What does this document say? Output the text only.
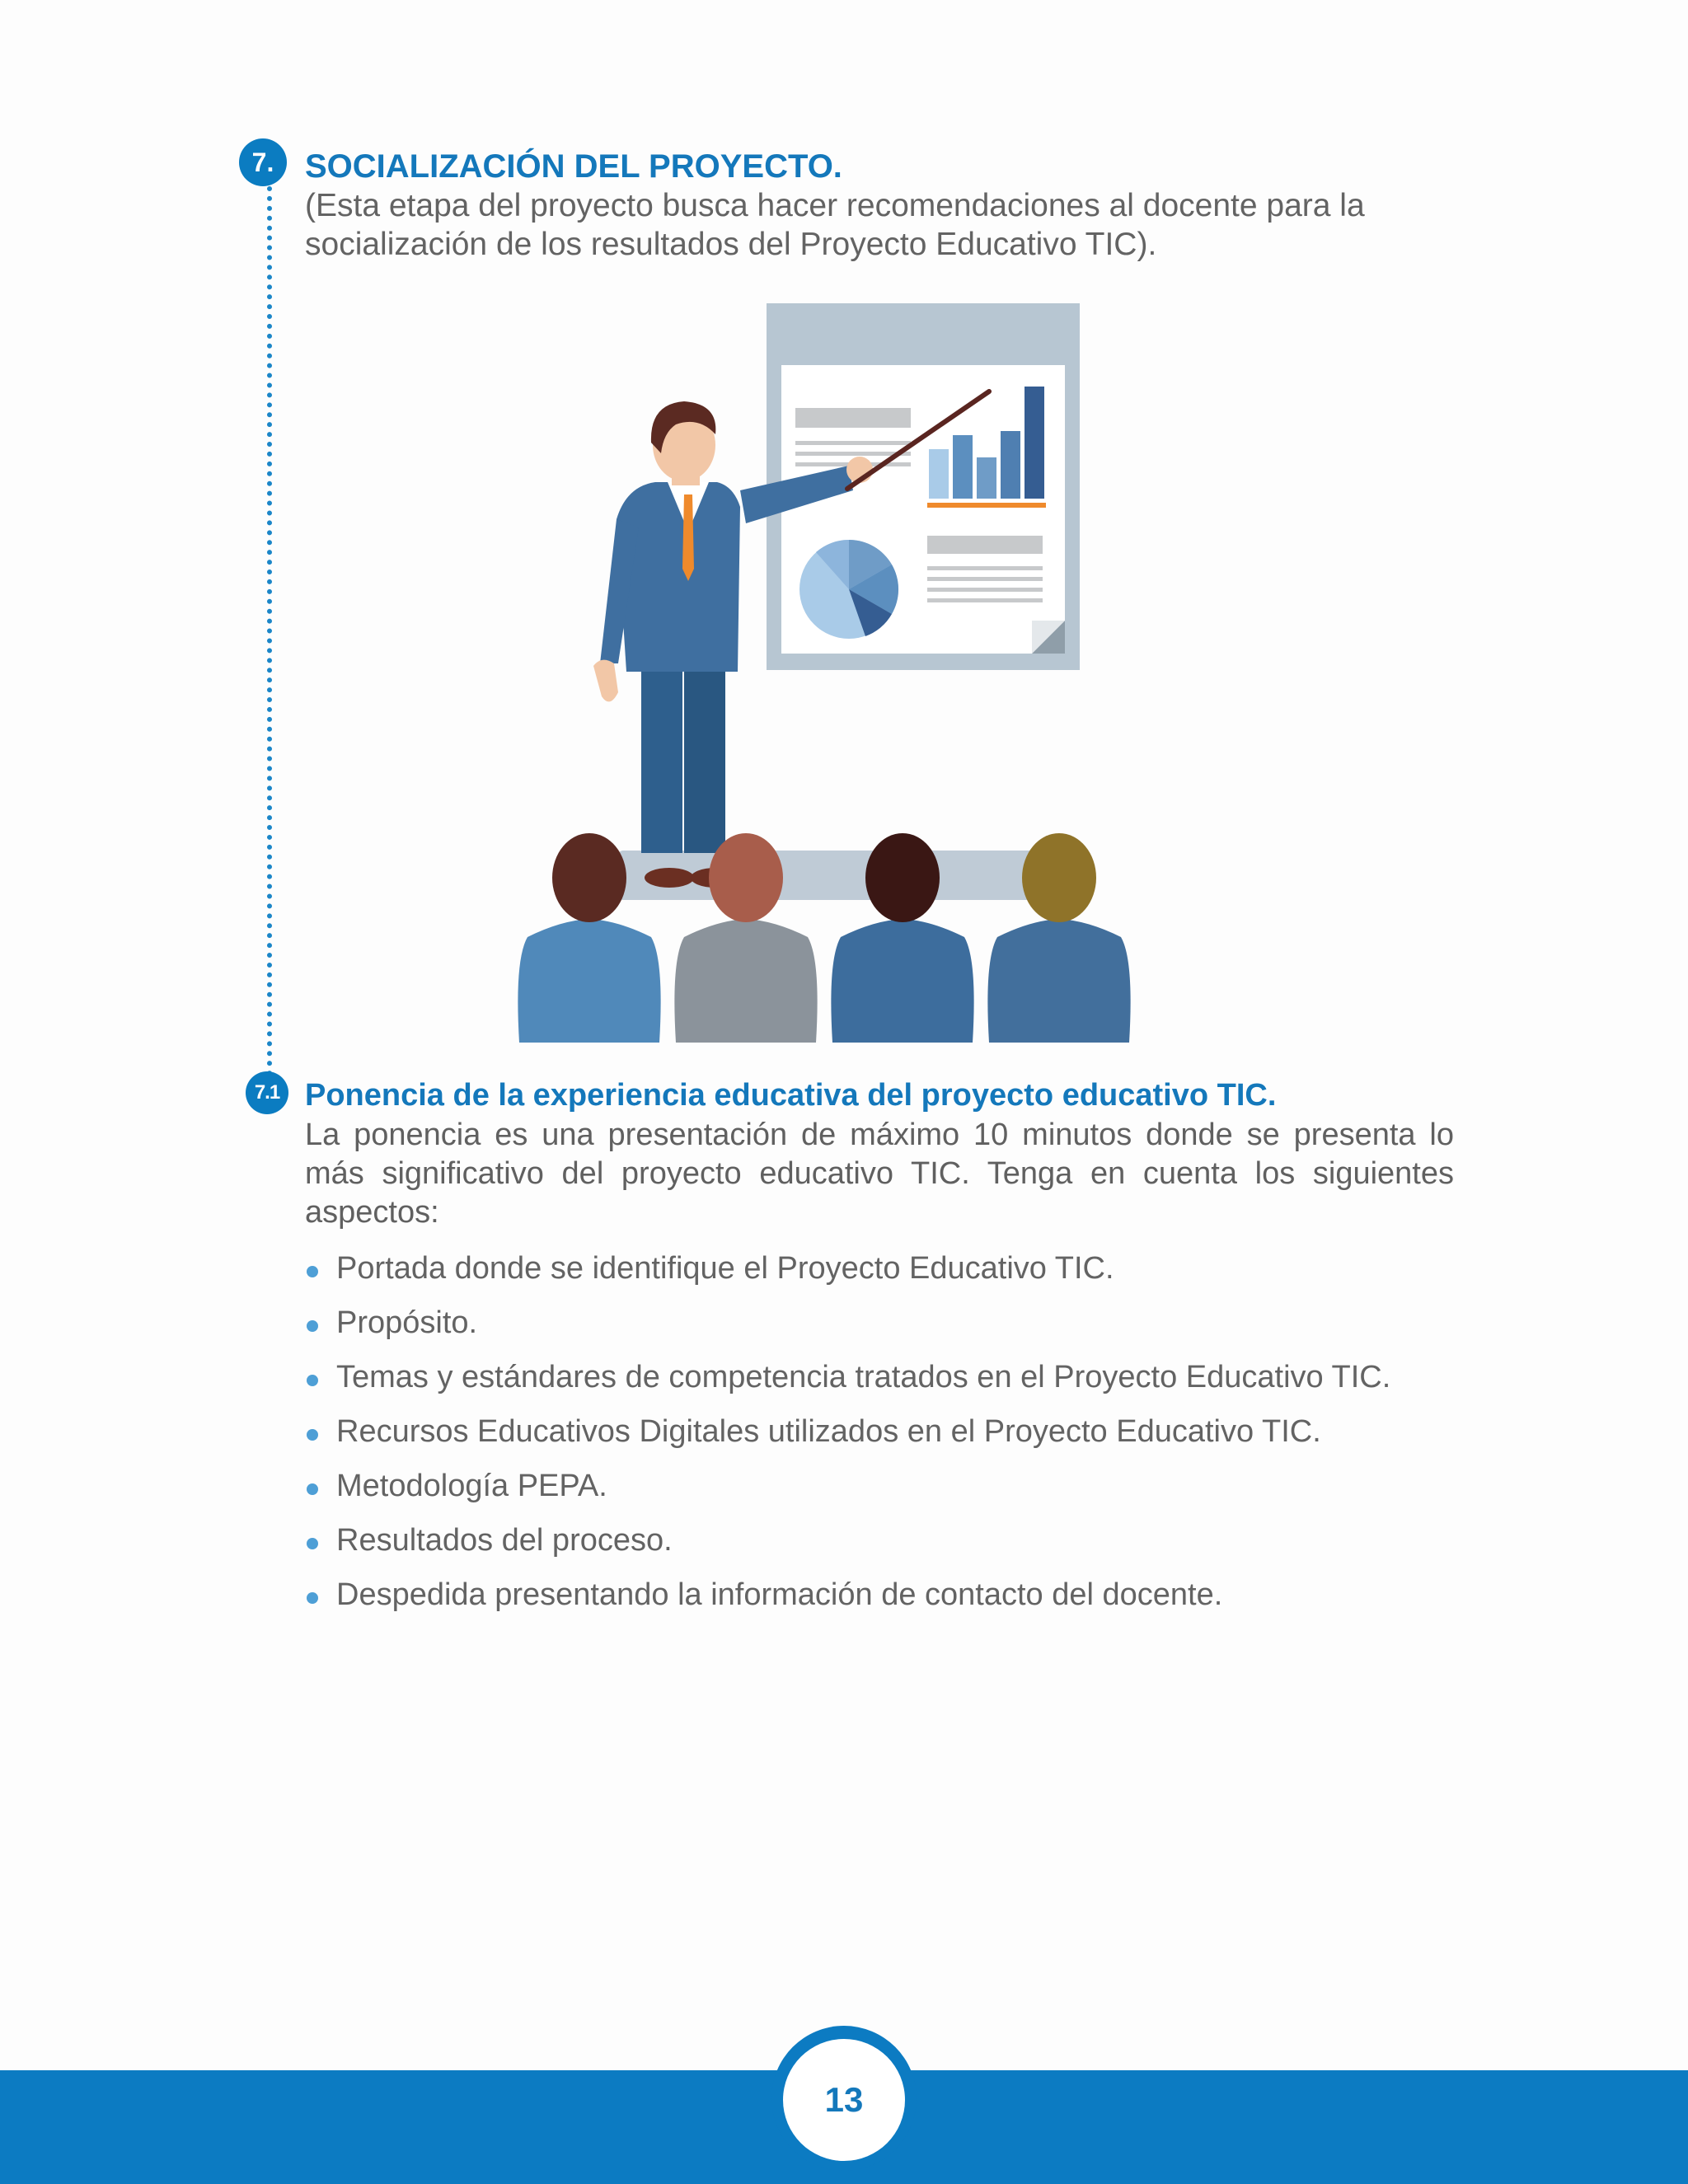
7. SOCIALIZACIÓN DEL PROYECTO.

(Esta etapa del proyecto busca hacer recomendaciones al docente para la socialización de los resultados del Proyecto Educativo TIC).

7.1 Ponencia de la experiencia educativa del proyecto educativo TIC.

La ponencia es una presentación de máximo 10 minutos donde se presenta lo más significativo del proyecto educativo TIC. Tenga en cuenta los siguientes aspectos:

Portada donde se identifique el Proyecto Educativo TIC.
Propósito.
Temas y estándares de competencia tratados en el Proyecto Educativo TIC.
Recursos Educativos Digitales utilizados en el Proyecto Educativo TIC.
Metodología PEPA.
Resultados del proceso.
Despedida presentando la información de contacto del docente.
13
